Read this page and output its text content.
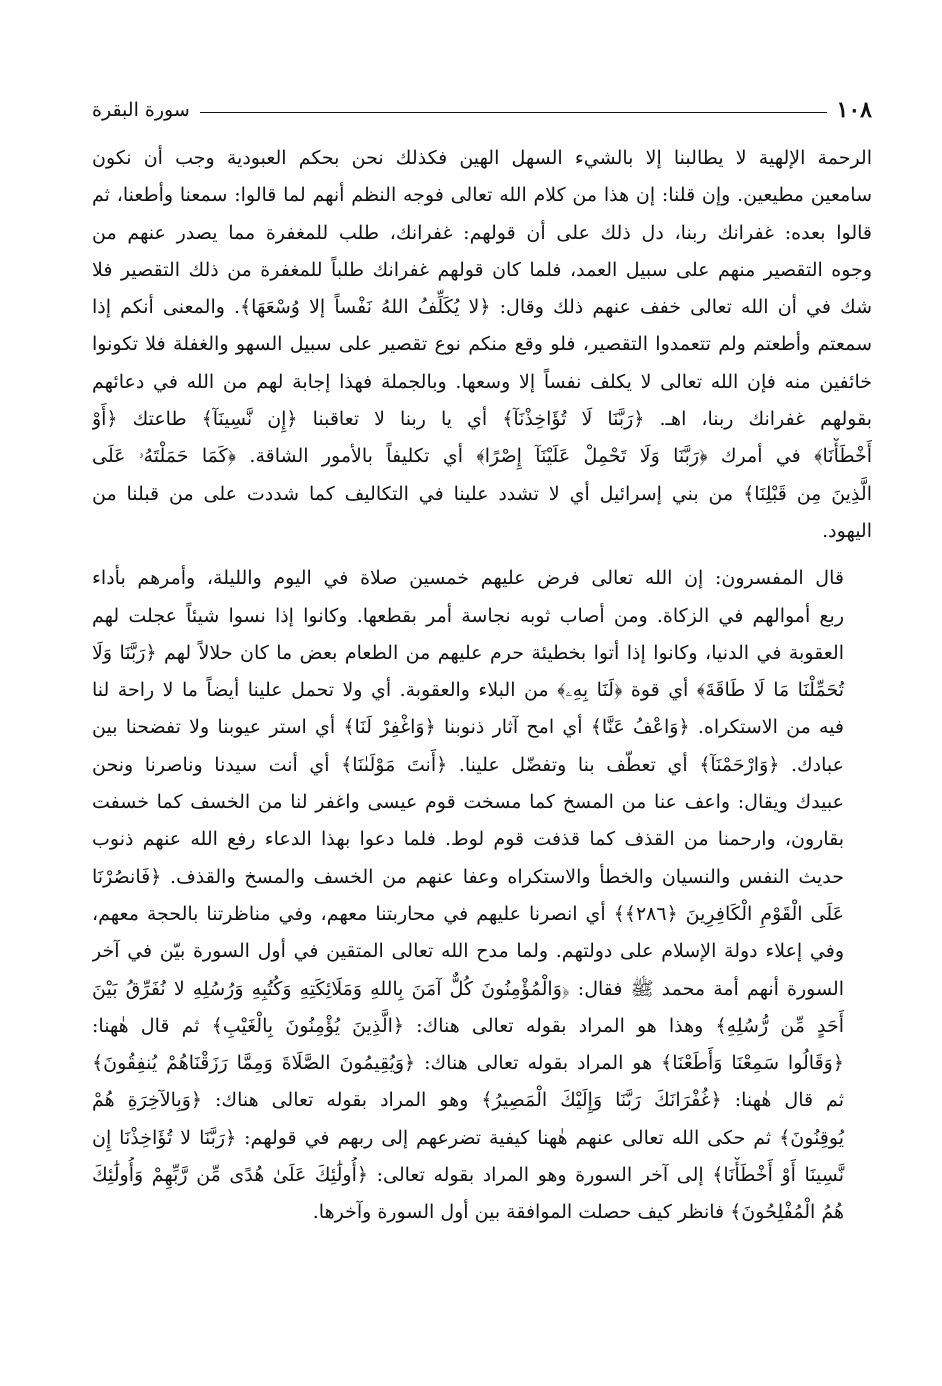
١٠٨
سورة البقرة
الرحمة الإلهية لا يطالبنا إلا بالشيء السهل الهين فكذلك نحن بحكم العبودية وجب أن نكون
سامعين مطيعين. وإن قلنا: إن هذا من كلام الله تعالى فوجه النظم أنهم لما قالوا: سمعنا وأطعنا، ثم
قالوا بعده: غفرانك ربنا، دل ذلك على أن قولهم: غفرانك، طلب للمغفرة مما يصدر عنهم من
وجوه التقصير منهم على سبيل العمد، فلما كان قولهم غفرانك طلباً للمغفرة من ذلك التقصير فلا
شك في أن الله تعالى خفف عنهم ذلك وقال: ﴿لا يُكَلِّفُ اللهُ نَفْساً إلا وُسْعَهَا﴾. والمعنى أنكم إذا
سمعتم وأطعتم ولم تتعمدوا التقصير، فلو وقع منكم نوع تقصير على سبيل السهو والغفلة فلا تكونوا
خائفين منه فإن الله تعالى لا يكلف نفساً إلا وسعها. وبالجملة فهذا إجابة لهم من الله في دعائهم
بقولهم غفرانك ربنا، اهـ. ﴿رَبَّنَا لَا تُؤَاخِذْنَآ﴾ أي يا ربنا لا تعاقبنا ﴿إِن نَّسِينَآ﴾ طاعتك ﴿أَوْ
أَخْطَأْنَا﴾ في أمرك ﴿رَبَّنَا وَلَا تَحْمِلْ عَلَيْنَآ إِصْرًا﴾ أي تكليفاً بالأمور الشاقة. ﴿كَمَا حَمَلْتَهُۥ عَلَى
الَّذِينَ مِن قَبْلِنَا﴾ من بني إسرائيل أي لا تشدد علينا في التكاليف كما شددت على من قبلنا من
اليهود.
قال المفسرون: إن الله تعالى فرض عليهم خمسين صلاة في اليوم والليلة، وأمرهم بأداء
ربع أموالهم في الزكاة. ومن أصاب ثوبه نجاسة أمر بقطعها. وكانوا إذا نسوا شيئاً عجلت لهم
العقوبة في الدنيا، وكانوا إذا أتوا بخطيئة حرم عليهم من الطعام بعض ما كان حلالاً لهم ﴿رَبَّنَا وَلَا
تُحَمِّلْنَا مَا لَا طَاقَةَ﴾ أي قوة ﴿لَنَا بِهِۦ﴾ من البلاء والعقوبة. أي ولا تحمل علينا أيضاً ما لا راحة لنا
فيه من الاستكراه. ﴿وَاعْفُ عَنَّا﴾ أي امح آثار ذنوبنا ﴿وَاغْفِرْ لَنَا﴾ أي استر عيوبنا ولا تفضحنا بين
عبادك. ﴿وَارْحَمْنَآ﴾ أي تعطّف بنا وتفضّل علينا. ﴿أَنتَ مَوْلَىٰنَا﴾ أي أنت سيدنا وناصرنا ونحن
عبيدك ويقال: واعف عنا من المسخ كما مسخت قوم عيسى واغفر لنا من الخسف كما خسفت
بقارون، وارحمنا من القذف كما قذفت قوم لوط. فلما دعوا بهذا الدعاء رفع الله عنهم ذنوب
حديث النفس والنسيان والخطأ والاستكراه وعفا عنهم من الخسف والمسخ والقذف. ﴿فَانصُرْنَا
عَلَى الْقَوْمِ الْكَافِرِينَ ﴿٢٨٦﴾﴾ أي انصرنا عليهم في محاربتنا معهم، وفي مناظرتنا بالحجة معهم،
وفي إعلاء دولة الإسلام على دولتهم. ولما مدح الله تعالى المتقين في أول السورة بيّن في آخر
السورة أنهم أمة محمد ﷺ فقال: ﴿وَالْمُؤْمِنُونَ كُلٌّ آمَنَ بِاللهِ وَمَلَائِكَتِهِ وَكُتُبِهِ وَرُسُلِهِ لا نُفَرِّقُ بَيْنَ
أَحَدٍ مِّن رُّسُلِهِ﴾ وهذا هو المراد بقوله تعالى هناك: ﴿الَّذِينَ يُؤْمِنُونَ بِالْغَيْبِ﴾ ثم قال هٰهنا:
﴿وَقَالُوا سَمِعْنَا وَأَطَعْنَا﴾ هو المراد بقوله تعالى هناك: ﴿وَيُقِيمُونَ الصَّلَاةَ وَمِمَّا رَزَقْنَاهُمْ يُنفِقُونَ﴾
ثم قال هٰهنا: ﴿غُفْرَانَكَ رَبَّنَا وَإِلَيْكَ الْمَصِيرُ﴾ وهو المراد بقوله تعالى هناك: ﴿وَبِالآخِرَةِ هُمْ
يُوقِنُونَ﴾ ثم حكى الله تعالى عنهم هٰهنا كيفية تضرعهم إلى ربهم في قولهم: ﴿رَبَّنَا لا تُؤَاخِذْنَا إِن
نَّسِينَا أَوْ أَخْطَأْنَا﴾ إلى آخر السورة وهو المراد بقوله تعالى: ﴿أُولَٰئِكَ عَلَىٰ هُدًى مِّن رَّبِّهِمْ وَأُولَٰئِكَ
هُمُ الْمُفْلِحُونَ﴾ فانظر كيف حصلت الموافقة بين أول السورة وآخرها.
